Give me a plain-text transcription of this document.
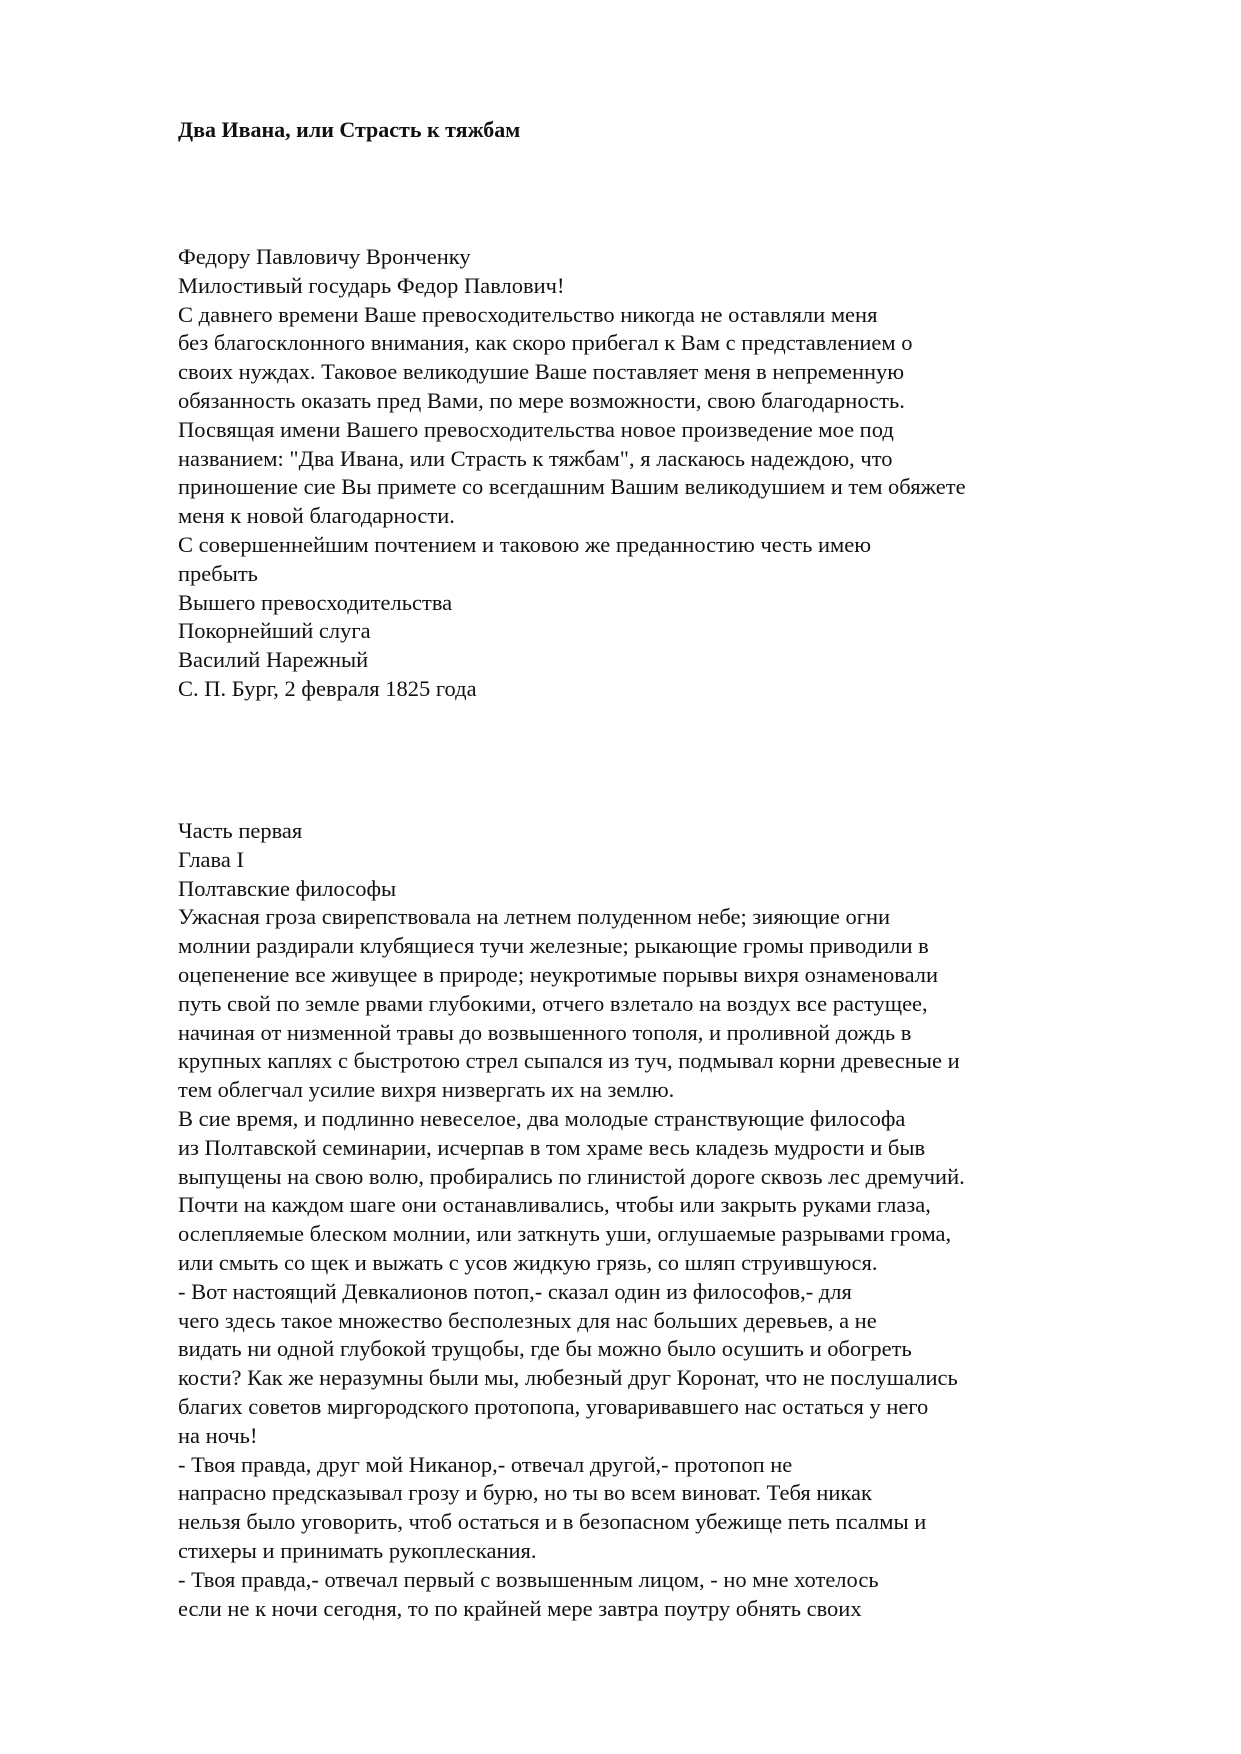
Два Ивана, или Страсть к тяжбам

Федору Павловичу Вронченку

Милостивый государь Федор Павлович!

С давнего времени Ваше превосходительство никогда не оставляли меня
без благосклонного внимания, как скоро прибегал к Вам с представлением о
своих нуждах. Таковое великодушие Ваше поставляет меня в непременную
обязанность оказать пред Вами, по мере возможности, свою благодарность.
Посвящая имени Вашего превосходительства новое произведение мое под
названием: "Два Ивана, или Страсть к тяжбам", я ласкаюсь надеждою, что
приношение сие Вы примете со всегдашним Вашим великодушием и тем обяжете
меня к новой благодарности.

С совершеннейшим почтением и таковою же преданностию честь имею
пребыть

Вышего превосходительства

Покорнейший слуга

Василий Нарежный

С. П. Бург, 2 февраля 1825 года

Часть первая

Глава I

Полтавские философы

Ужасная гроза свирепствовала на летнем полуденном небе; зияющие огни
молнии раздирали клубящиеся тучи железные; рыкающие громы приводили в
оцепенение все живущее в природе; неукротимые порывы вихря ознаменовали
путь свой по земле рвами глубокими, отчего взлетало на воздух все растущее,
начиная от низменной травы до возвышенного тополя, и проливной дождь в
крупных каплях с быстротою стрел сыпался из туч, подмывал корни древесные и
тем облегчал усилие вихря низвергать их на землю.

В сие время, и подлинно невеселое, два молодые странствующие философа
из Полтавской семинарии, исчерпав в том храме весь кладезь мудрости и быв
выпущены на свою волю, пробирались по глинистой дороге сквозь лес дремучий.
Почти на каждом шаге они останавливались, чтобы или закрыть руками глаза,
ослепляемые блеском молнии, или заткнуть уши, оглушаемые разрывами грома,
или смыть со щек и выжать с усов жидкую грязь, со шляп струившуюся.

- Вот настоящий Девкалионов потоп,- сказал один из философов,- для
чего здесь такое множество бесполезных для нас больших деревьев, а не
видать ни одной глубокой трущобы, где бы можно было осушить и обогреть
кости? Как же неразумны были мы, любезный друг Коронат, что не послушались
благих советов миргородского протопопа, уговаривавшего нас остаться у него
на ночь!

- Твоя правда, друг мой Никанор,- отвечал другой,- протопоп не
напрасно предсказывал грозу и бурю, но ты во всем виноват. Тебя никак
нельзя было уговорить, чтоб остаться и в безопасном убежище петь псалмы и
стихеры и принимать рукоплескания.

- Твоя правда,- отвечал первый с возвышенным лицом, - но мне хотелось
если не к ночи сегодня, то по крайней мере завтра поутру обнять своих
